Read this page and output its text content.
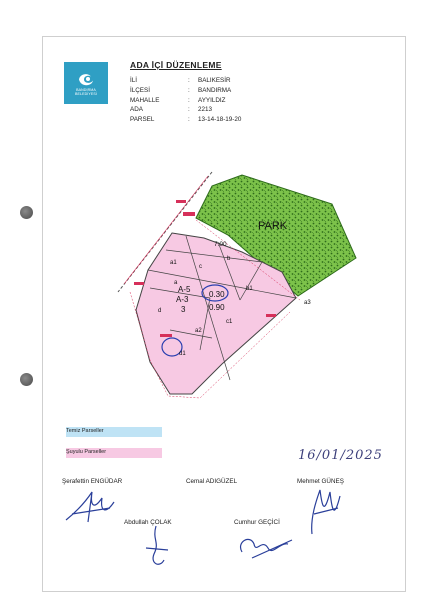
BANDIRMA
BELEDİYESİ
ADA İÇİ DÜZENLEME
İLİ	:	BALIKESİR
İLÇESİ	:	BANDIRMA
MAHALLE	:	AYYILDIZ
ADA	:	2213
PARSEL	:	13-14-18-19-20
PARK
7.00
A-5
A-3
3
0.30
0.90
a1
b
c
a
b1
d
a2
c1
d1
a3
Temiz Parseller
Şuyulu Parseller	16/01/2025
Şerafettin ENGÜDAR	Cemal ADIGÜZEL	Mehmet GÜNEŞ
Abdullah ÇOLAK	Cumhur GEÇİCİ
